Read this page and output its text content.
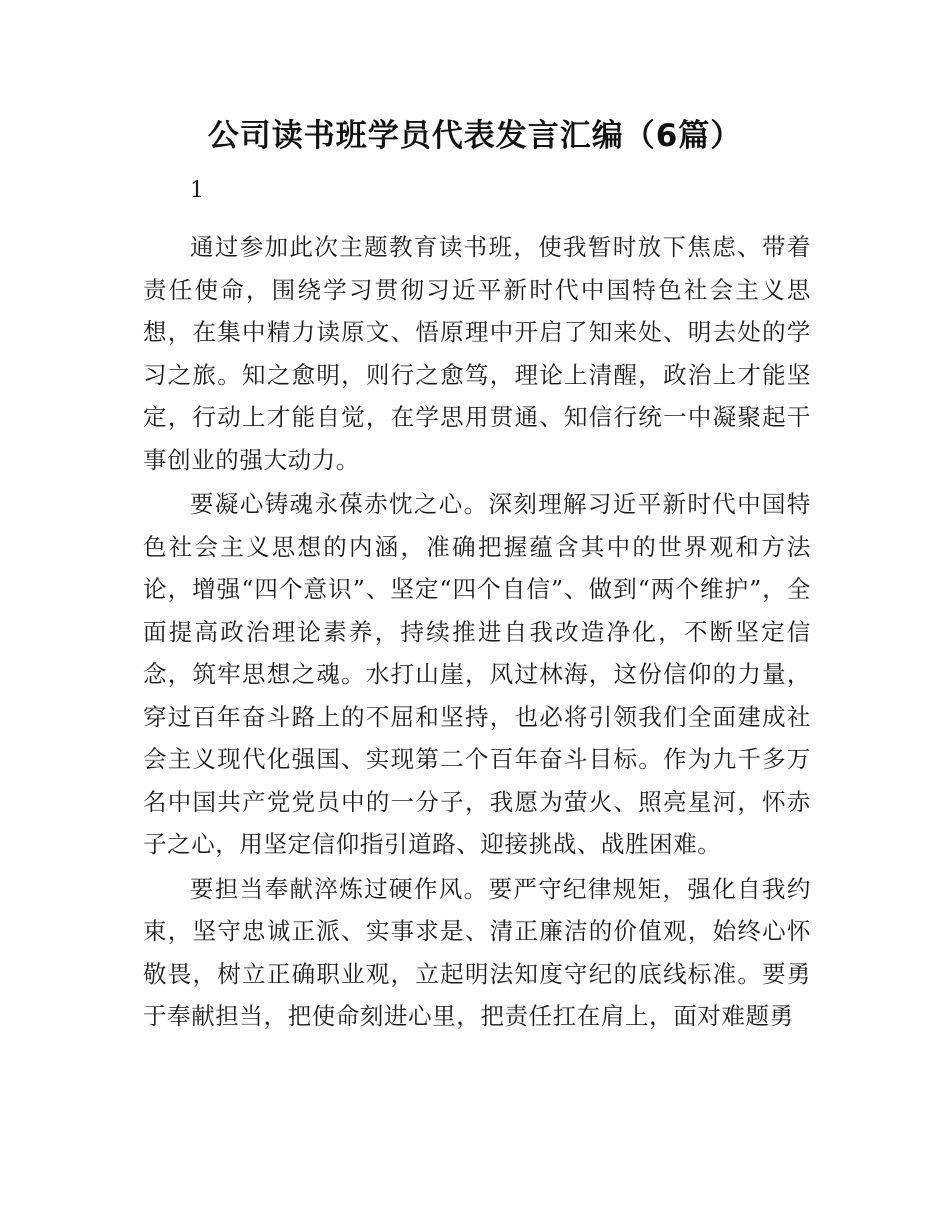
公司读书班学员代表发言汇编（6篇）
1

通过参加此次主题教育读书班，使我暂时放下焦虑、带着责任使命，围绕学习贯彻习近平新时代中国特色社会主义思想，在集中精力读原文、悟原理中开启了知来处、明去处的学习之旅。知之愈明，则行之愈笃，理论上清醒，政治上才能坚定，行动上才能自觉，在学思用贯通、知信行统一中凝聚起干事创业的强大动力。

要凝心铸魂永葆赤忱之心。深刻理解习近平新时代中国特色社会主义思想的内涵，准确把握蕴含其中的世界观和方法论，增强“四个意识”、坚定“四个自信”、做到“两个维护”，全面提高政治理论素养，持续推进自我改造净化，不断坚定信念，筑牢思想之魂。水打山崖，风过林海，这份信仰的力量，穿过百年奋斗路上的不屈和坚持，也必将引领我们全面建成社会主义现代化强国、实现第二个百年奋斗目标。作为九千多万名中国共产党党员中的一分子，我愿为萤火、照亮星河，怀赤子之心，用坚定信仰指引道路、迎接挑战、战胜困难。

要担当奉献淬炼过硬作风。要严守纪律规矩，强化自我约束，坚守忠诚正派、实事求是、清正廉洁的价值观，始终心怀敬畏，树立正确职业观，立起明法知度守纪的底线标准。要勇于奉献担当，把使命刻进心里，把责任扛在肩上，面对难题勇
